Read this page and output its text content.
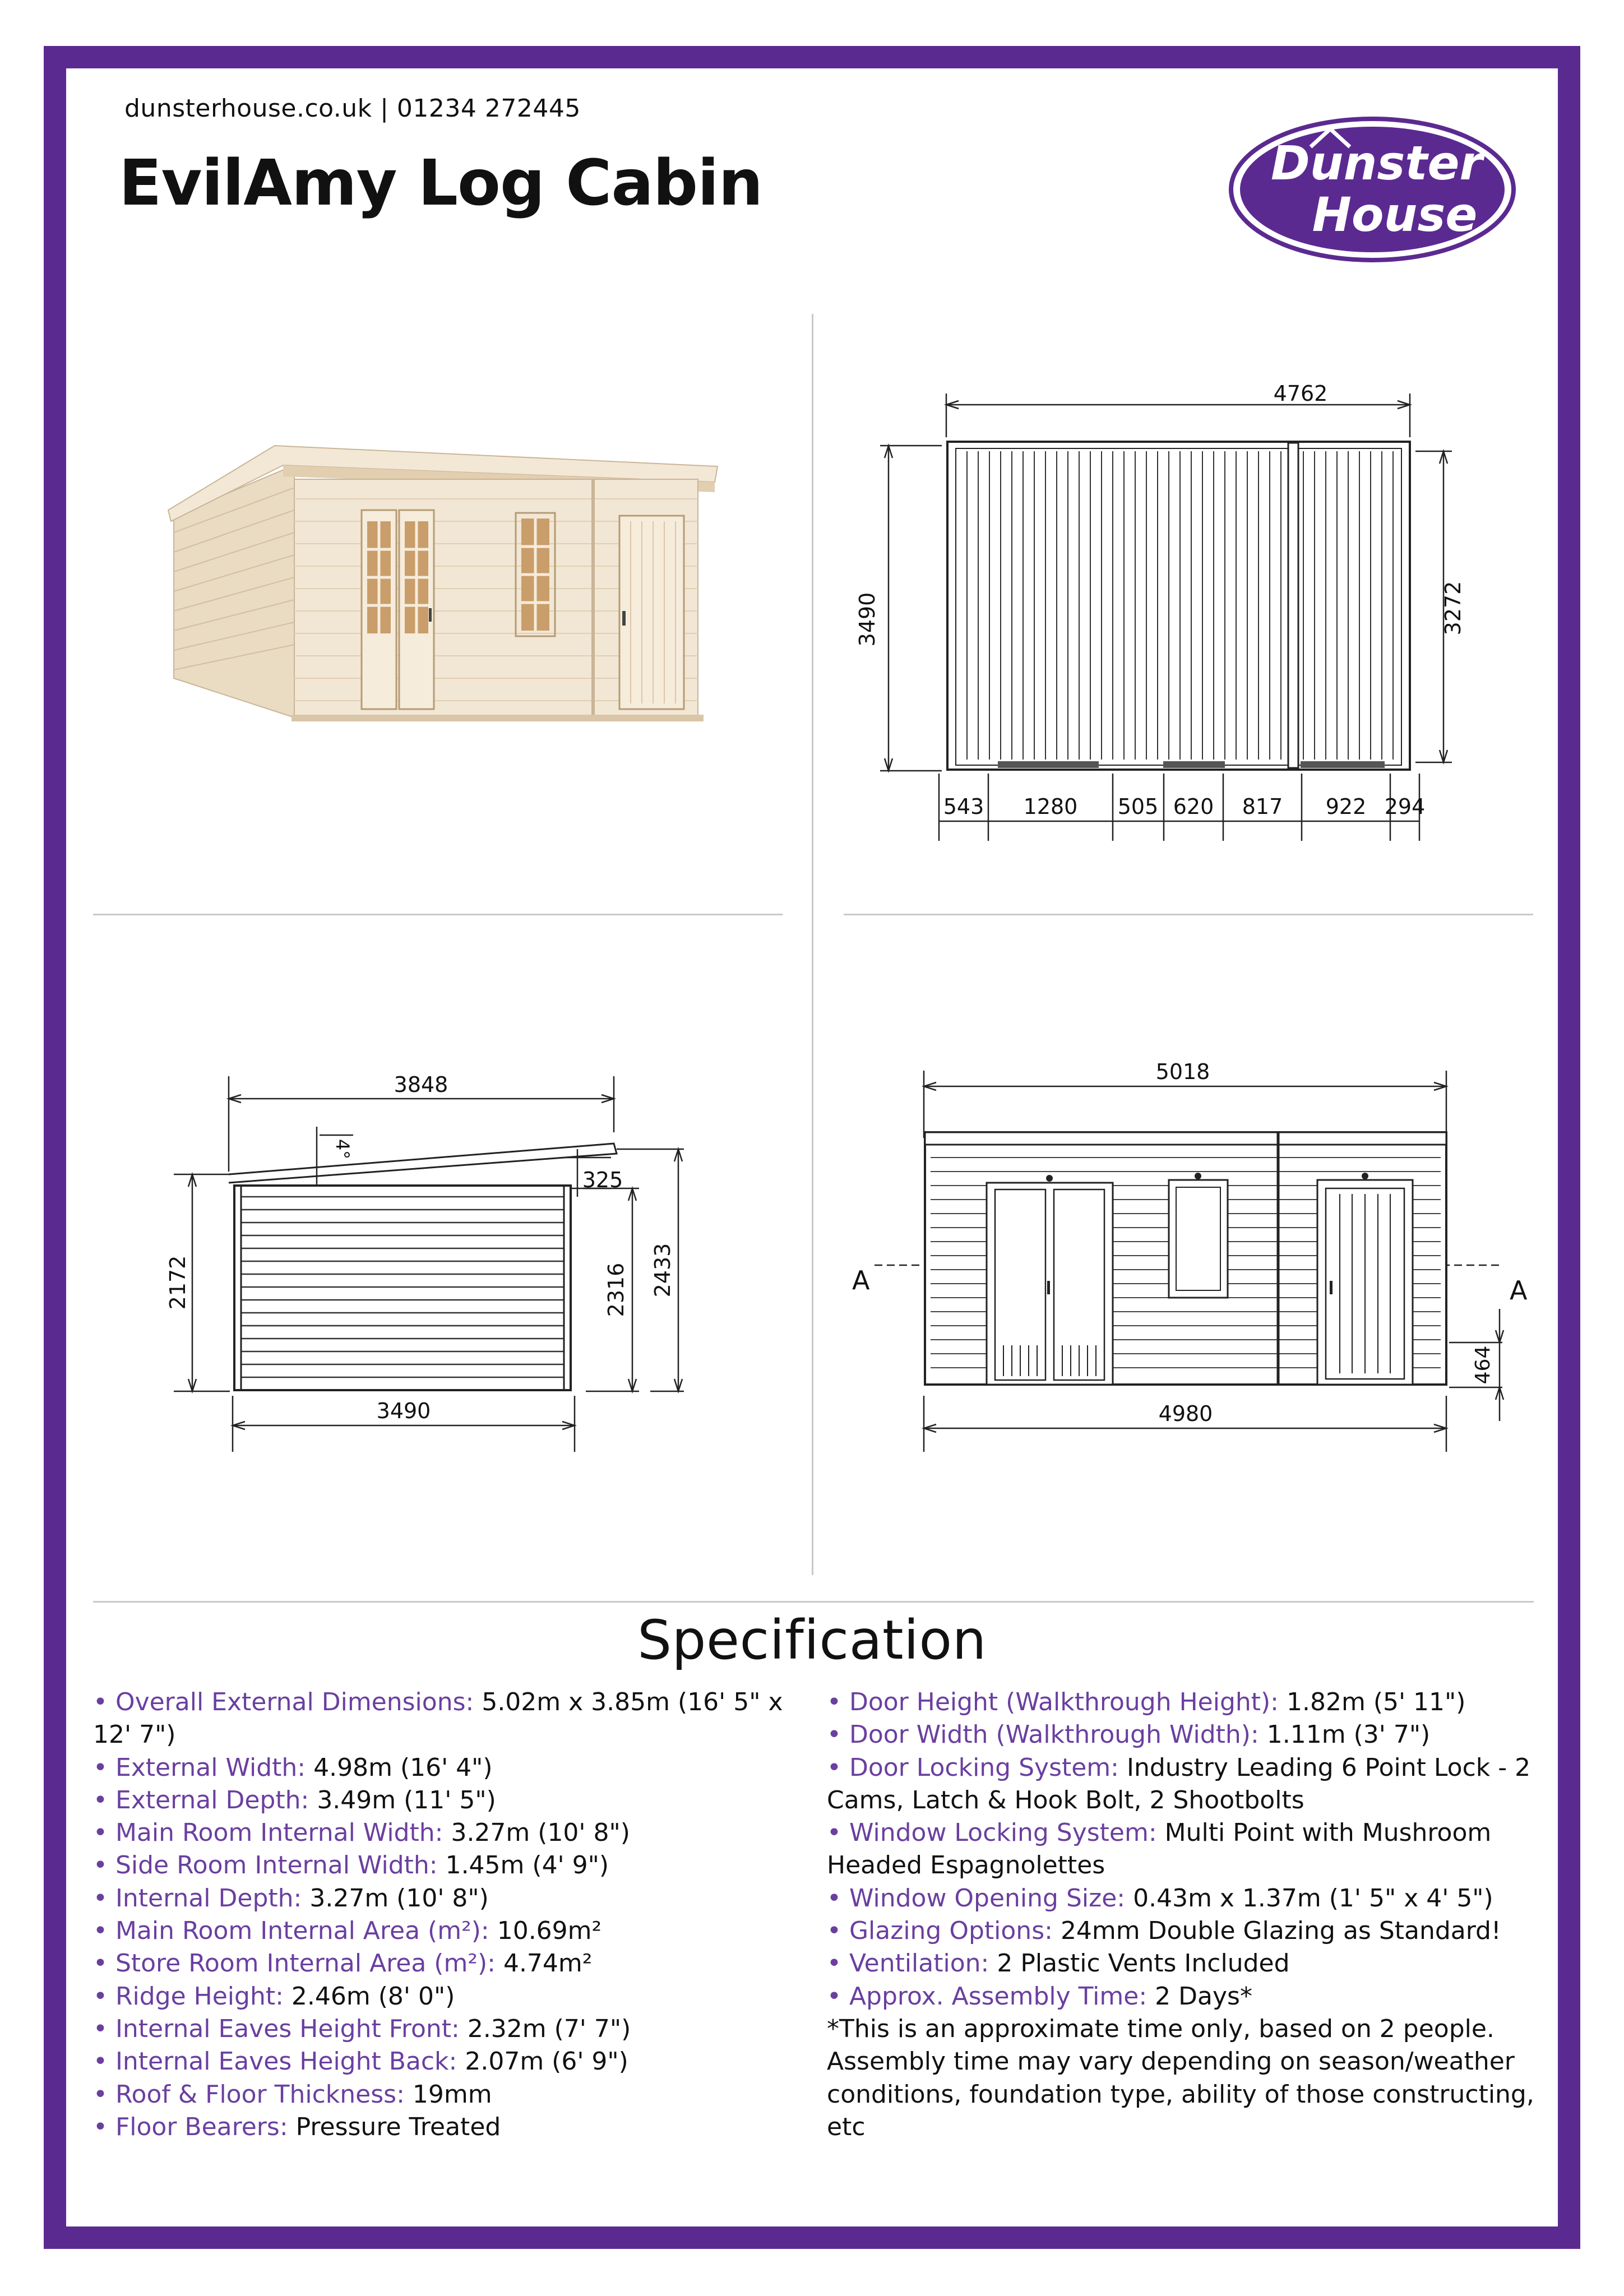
dunsterhouse.co.uk | 01234 272445
EvilAmy Log Cabin	Dunster
House
4762
3490	3272
543 1280 505 620 817 922 294
3848
4°
325
2172	2316 2433
3490
5018
4980
A	A
464
Specification
• Overall External Dimensions: 5.02m x 3.85m (16' 5" x 12' 7")
• External Width: 4.98m (16' 4")
• External Depth: 3.49m (11' 5")
• Main Room Internal Width: 3.27m (10' 8")
• Side Room Internal Width: 1.45m (4' 9")
• Internal Depth: 3.27m (10' 8")
• Main Room Internal Area (m²): 10.69m²
• Store Room Internal Area (m²): 4.74m²
• Ridge Height: 2.46m (8' 0")
• Internal Eaves Height Front: 2.32m (7' 7")
• Internal Eaves Height Back: 2.07m (6' 9")
• Roof & Floor Thickness: 19mm
• Floor Bearers: Pressure Treated
• Door Height (Walkthrough Height): 1.82m (5' 11")
• Door Width (Walkthrough Width): 1.11m (3' 7")
• Door Locking System: Industry Leading 6 Point Lock - 2 Cams, Latch & Hook Bolt, 2 Shootbolts
• Window Locking System: Multi Point with Mushroom Headed Espagnolettes
• Window Opening Size: 0.43m x 1.37m (1' 5" x 4' 5")
• Glazing Options: 24mm Double Glazing as Standard!
• Ventilation: 2 Plastic Vents Included
• Approx. Assembly Time: 2 Days*
*This is an approximate time only, based on 2 people. Assembly time may vary depending on season/weather conditions, foundation type, ability of those constructing, etc
